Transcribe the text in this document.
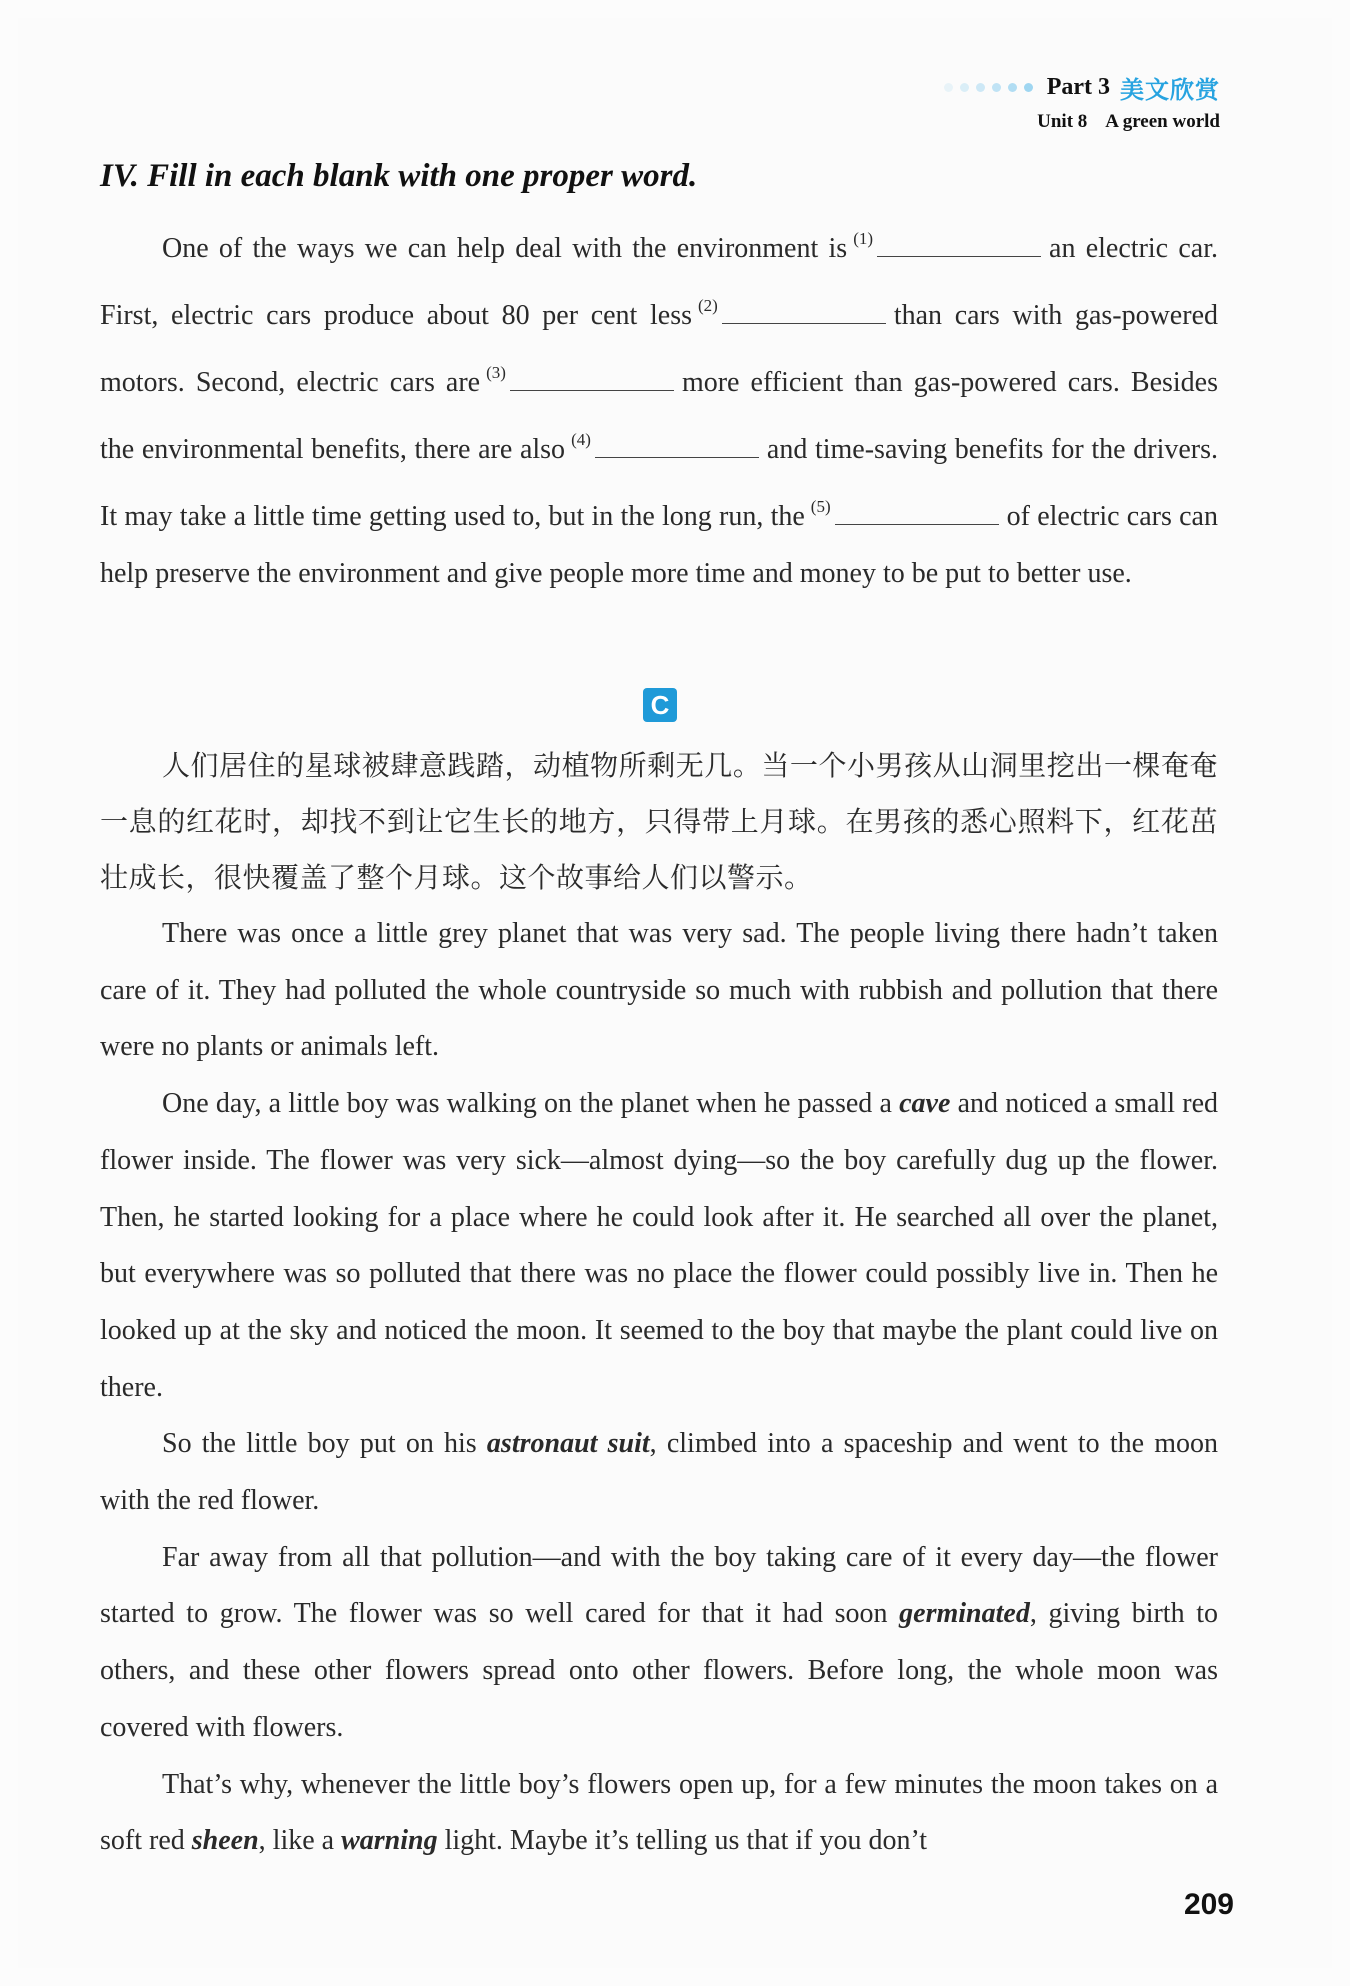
Part 3 美文欣赏
Unit 8 A green world
IV. Fill in each blank with one proper word.

One of the ways we can help deal with the environment is $^{(1)}$	an electric car. First, electric cars produce about 80 per cent less $^{(2)}$	than cars with gas-powered motors. Second, electric cars are $^{(3)}$	more efficient than gas-powered cars. Besides the environmental benefits, there are also $^{(4)}$	and time-saving benefits for the drivers. It may take a little time getting used to, but in the long run, the $^{(5)}$	of electric cars can help preserve the environment and give people more time and money to be put to better use.

C

人们居住的星球被肆意践踏，动植物所剩无几。当一个小男孩从山洞里挖出一棵奄奄一息的红花时，却找不到让它生长的地方，只得带上月球。在男孩的悉心照料下，红花茁壮成长，很快覆盖了整个月球。这个故事给人们以警示。

There was once a little grey planet that was very sad. The people living there hadn’t taken care of it. They had polluted the whole countryside so much with rubbish and pollution that there were no plants or animals left.

One day, a little boy was walking on the planet when he passed a cave and noticed a small red flower inside. The flower was very sick—almost dying—so the boy carefully dug up the flower. Then, he started looking for a place where he could look after it. He searched all over the planet, but everywhere was so polluted that there was no place the flower could possibly live in. Then he looked up at the sky and noticed the moon. It seemed to the boy that maybe the plant could live on there.

So the little boy put on his astronaut suit, climbed into a spaceship and went to the moon with the red flower.

Far away from all that pollution—and with the boy taking care of it every day—the flower started to grow. The flower was so well cared for that it had soon germinated, giving birth to others, and these other flowers spread onto other flowers. Before long, the whole moon was covered with flowers.

That’s why, whenever the little boy’s flowers open up, for a few minutes the moon takes on a soft red sheen, like a warning light. Maybe it’s telling us that if you don’t

209
